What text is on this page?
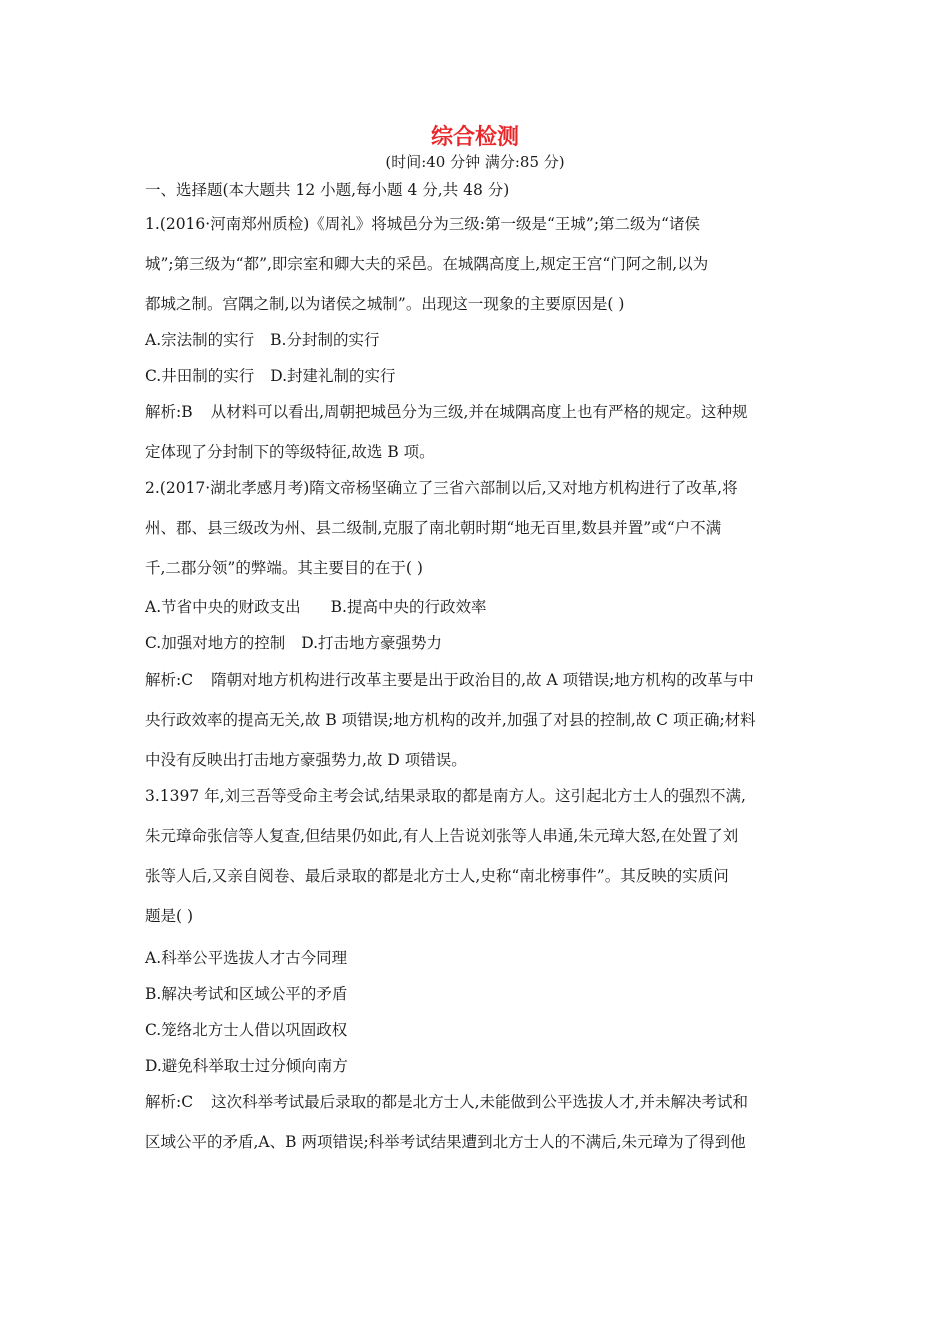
综合检测
(时间:40 分钟 满分:85 分)
一、选择题(本大题共 12 小题,每小题 4 分,共 48 分)
1.(2016·河南郑州质检)《周礼》将城邑分为三级:第一级是“王城”;第二级为“诸侯
城”;第三级为“都”,即宗室和卿大夫的采邑。在城隅高度上,规定王宫“门阿之制,以为
都城之制。宫隅之制,以为诸侯之城制”。出现这一现象的主要原因是( )
A.宗法制的实行 B.分封制的实行
C.井田制的实行 D.封建礼制的实行
解析:B 从材料可以看出,周朝把城邑分为三级,并在城隅高度上也有严格的规定。这种规
定体现了分封制下的等级特征,故选 B 项。
2.(2017·湖北孝感月考)隋文帝杨坚确立了三省六部制以后,又对地方机构进行了改革,将
州、郡、县三级改为州、县二级制,克服了南北朝时期“地无百里,数县并置”或“户不满
千,二郡分领”的弊端。其主要目的在于( )
A.节省中央的财政支出 B.提高中央的行政效率
C.加强对地方的控制 D.打击地方豪强势力
解析:C 隋朝对地方机构进行改革主要是出于政治目的,故 A 项错误;地方机构的改革与中
央行政效率的提高无关,故 B 项错误;地方机构的改并,加强了对县的控制,故 C 项正确;材料
中没有反映出打击地方豪强势力,故 D 项错误。
3.1397 年,刘三吾等受命主考会试,结果录取的都是南方人。这引起北方士人的强烈不满,
朱元璋命张信等人复查,但结果仍如此,有人上告说刘张等人串通,朱元璋大怒,在处置了刘
张等人后,又亲自阅卷、最后录取的都是北方士人,史称“南北榜事件”。其反映的实质问
题是( )
A.科举公平选拔人才古今同理
B.解决考试和区域公平的矛盾
C.笼络北方士人借以巩固政权
D.避免科举取士过分倾向南方
解析:C 这次科举考试最后录取的都是北方士人,未能做到公平选拔人才,并未解决考试和
区域公平的矛盾,A、B 两项错误;科举考试结果遭到北方士人的不满后,朱元璋为了得到他
